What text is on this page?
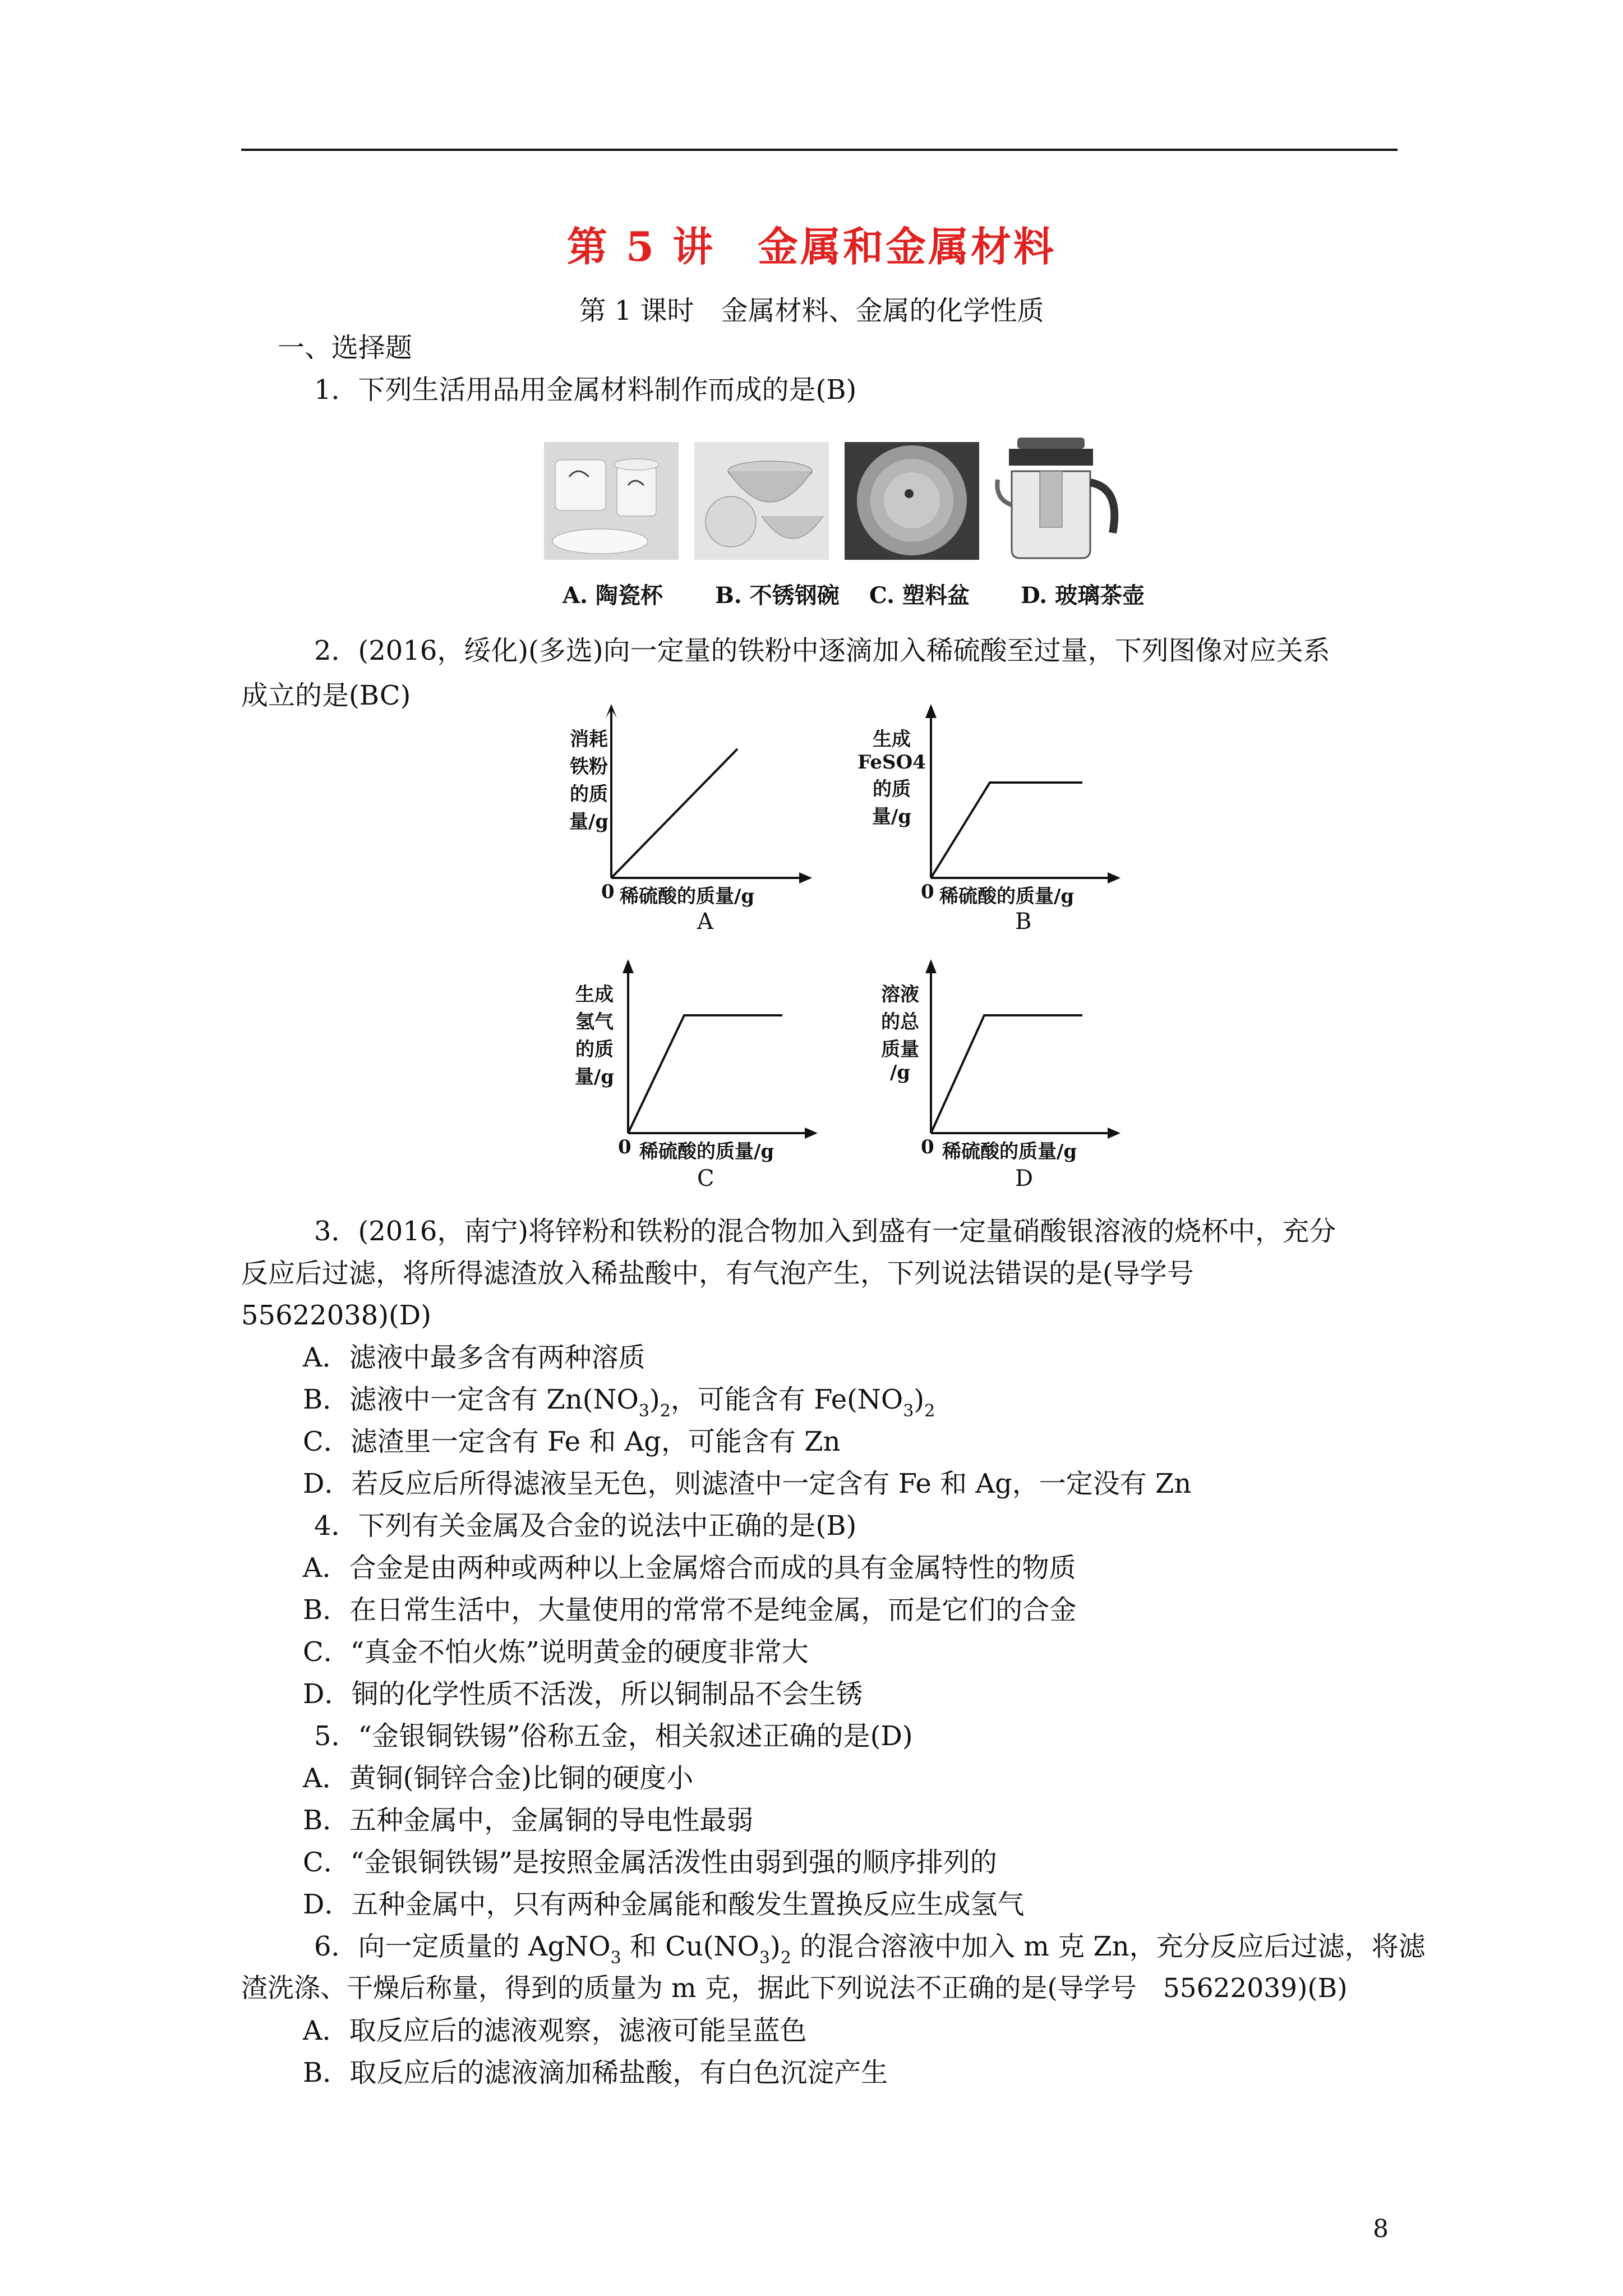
第 5 讲　金属和金属材料
第 1 课时　金属材料、金属的化学性质
一、选择题
1．下列生活用品用金属材料制作而成的是(B)
A. 陶瓷杯 B. 不锈钢碗 C. 塑料盆 D. 玻璃茶壶
2．(2016，绥化)(多选)向一定量的铁粉中逐滴加入稀硫酸至过量，下列图像对应关系
成立的是(BC)
消耗
铁粉
的质
量/g
0 稀硫酸的质量/g
A
生成
FeSO4
的质
量/g
0 稀硫酸的质量/g
B
生成
氢气
的质
量/g
0 稀硫酸的质量/g
C
溶液
的总
质量
/g
0 稀硫酸的质量/g
D
3．(2016，南宁)将锌粉和铁粉的混合物加入到盛有一定量硝酸银溶液的烧杯中，充分
反应后过滤，将所得滤渣放入稀盐酸中，有气泡产生，下列说法错误的是(导学号
55622038)(D)
A．滤液中最多含有两种溶质
B．滤液中一定含有 $Zn(NO_3)_2$，可能含有 $Fe(NO_3)_2$
C．滤渣里一定含有 Fe 和 Ag，可能含有 Zn
D．若反应后所得滤液呈无色，则滤渣中一定含有 Fe 和 Ag，一定没有 Zn
4．下列有关金属及合金的说法中正确的是(B)
A．合金是由两种或两种以上金属熔合而成的具有金属特性的物质
B．在日常生活中，大量使用的常常不是纯金属，而是它们的合金
C．“真金不怕火炼”说明黄金的硬度非常大
D．铜的化学性质不活泼，所以铜制品不会生锈
5．“金银铜铁锡”俗称五金，相关叙述正确的是(D)
A．黄铜(铜锌合金)比铜的硬度小
B．五种金属中，金属铜的导电性最弱
C．“金银铜铁锡”是按照金属活泼性由弱到强的顺序排列的
D．五种金属中，只有两种金属能和酸发生置换反应生成氢气
6．向一定质量的 AgNO$_3$ 和 $Cu(NO_3)_2$ 的混合溶液中加入 m 克 Zn，充分反应后过滤，将滤
渣洗涤、干燥后称量，得到的质量为 m 克，据此下列说法不正确的是(导学号　55622039)(B)
A．取反应后的滤液观察，滤液可能呈蓝色
B．取反应后的滤液滴加稀盐酸，有白色沉淀产生
8
